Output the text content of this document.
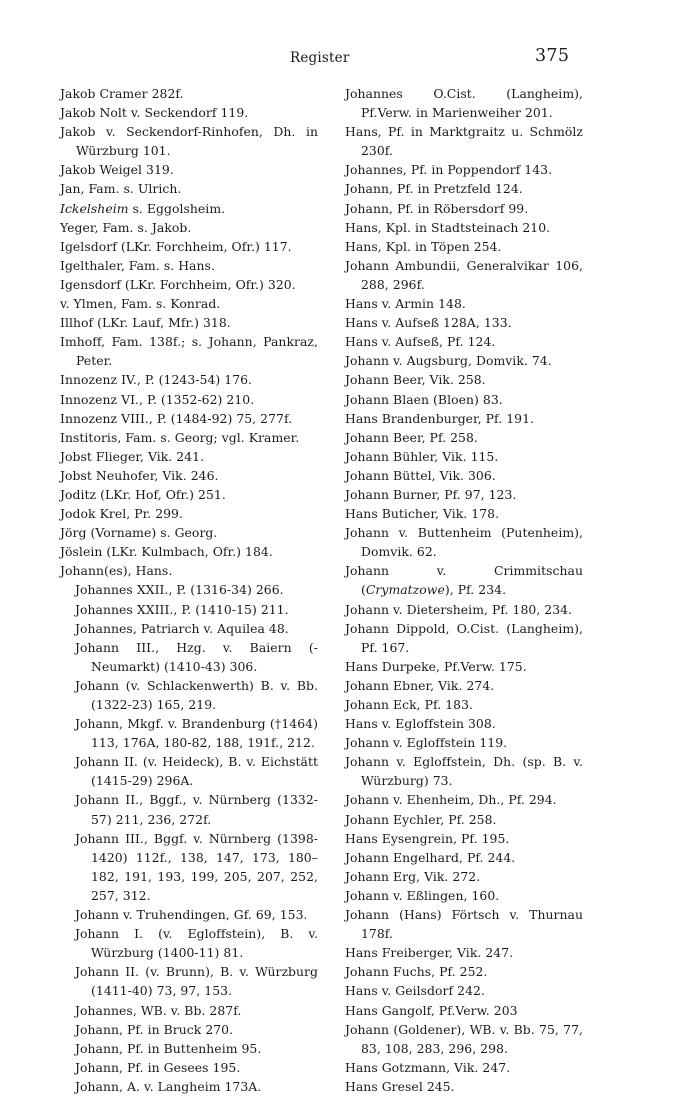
Register	375
Jakob Cramer 282f.
Jakob Nolt v. Seckendorf 119.
Jakob v. Seckendorf-Rinhofen, Dh. in Würzburg 101.
Jakob Weigel 319.
Jan, Fam. s. Ulrich.
Ickelsheim s. Eggolsheim.
Yeger, Fam. s. Jakob.
Igelsdorf (LKr. Forchheim, Ofr.) 117.
Igelthaler, Fam. s. Hans.
Igensdorf (LKr. Forchheim, Ofr.) 320.
v. Ylmen, Fam. s. Konrad.
Illhof (LKr. Lauf, Mfr.) 318.
Imhoff, Fam. 138f.; s. Johann, Pankraz, Peter.
Innozenz IV., P. (1243-54) 176.
Innozenz VI., P. (1352-62) 210.
Innozenz VIII., P. (1484-92) 75, 277f.
Institoris, Fam. s. Georg; vgl. Kramer.
Jobst Flieger, Vik. 241.
Jobst Neuhofer, Vik. 246.
Joditz (LKr. Hof, Ofr.) 251.
Jodok Krel, Pr. 299.
Jörg (Vorname) s. Georg.
Jöslein (LKr. Kulmbach, Ofr.) 184.
Johann(es), Hans.
Johannes XXII., P. (1316-34) 266.
Johannes XXIII., P. (1410-15) 211.
Johannes, Patriarch v. Aquilea 48.
Johann III., Hzg. v. Baiern (-Neumarkt) (1410-43) 306.
Johann (v. Schlackenwerth) B. v. Bb. (1322-23) 165, 219.
Johann, Mkgf. v. Brandenburg (†1464) 113, 176A, 180-82, 188, 191f., 212.
Johann II. (v. Heideck), B. v. Eichstätt (1415-29) 296A.
Johann II., Bggf., v. Nürnberg (1332-57) 211, 236, 272f.
Johann III., Bggf. v. Nürnberg (1398-1420) 112f., 138, 147, 173, 180–182, 191, 193, 199, 205, 207, 252, 257, 312.
Johann v. Truhendingen, Gf. 69, 153.
Johann I. (v. Egloffstein), B. v. Würzburg (1400-11) 81.
Johann II. (v. Brunn), B. v. Würzburg (1411-40) 73, 97, 153.
Johannes, WB. v. Bb. 287f.
Johann, Pf. in Bruck 270.
Johann, Pf. in Buttenheim 95.
Johann, Pf. in Gesees 195.
Johann, A. v. Langheim 173A.
Johannes O.Cist. (Langheim), Pf.Verw. in Marienweiher 201.
Hans, Pf. in Marktgraitz u. Schmölz 230f.
Johannes, Pf. in Poppendorf 143.
Johann, Pf. in Pretzfeld 124.
Johann, Pf. in Röbersdorf 99.
Hans, Kpl. in Stadtsteinach 210.
Hans, Kpl. in Töpen 254.
Johann Ambundii, Generalvikar 106, 288, 296f.
Hans v. Armin 148.
Hans v. Aufseß 128A, 133.
Hans v. Aufseß, Pf. 124.
Johann v. Augsburg, Domvik. 74.
Johann Beer, Vik. 258.
Johann Blaen (Bloen) 83.
Hans Brandenburger, Pf. 191.
Johann Beer, Pf. 258.
Johann Bühler, Vik. 115.
Johann Büttel, Vik. 306.
Johann Burner, Pf. 97, 123.
Hans Buticher, Vik. 178.
Johann v. Buttenheim (Putenheim), Domvik. 62.
Johann v. Crimmitschau (Crymatzowe), Pf. 234.
Johann v. Dietersheim, Pf. 180, 234.
Johann Dippold, O.Cist. (Langheim), Pf. 167.
Hans Durpeke, Pf.Verw. 175.
Johann Ebner, Vik. 274.
Johann Eck, Pf. 183.
Hans v. Egloffstein 308.
Johann v. Egloffstein 119.
Johann v. Egloffstein, Dh. (sp. B. v. Würzburg) 73.
Johann v. Ehenheim, Dh., Pf. 294.
Johann Eychler, Pf. 258.
Hans Eysengrein, Pf. 195.
Johann Engelhard, Pf. 244.
Johann Erg, Vik. 272.
Johann v. Eßlingen, 160.
Johann (Hans) Förtsch v. Thurnau 178f.
Hans Freiberger, Vik. 247.
Johann Fuchs, Pf. 252.
Hans v. Geilsdorf 242.
Hans Gangolf, Pf.Verw. 203
Johann (Goldener), WB. v. Bb. 75, 77, 83, 108, 283, 296, 298.
Hans Gotzmann, Vik. 247.
Hans Gresel 245.
